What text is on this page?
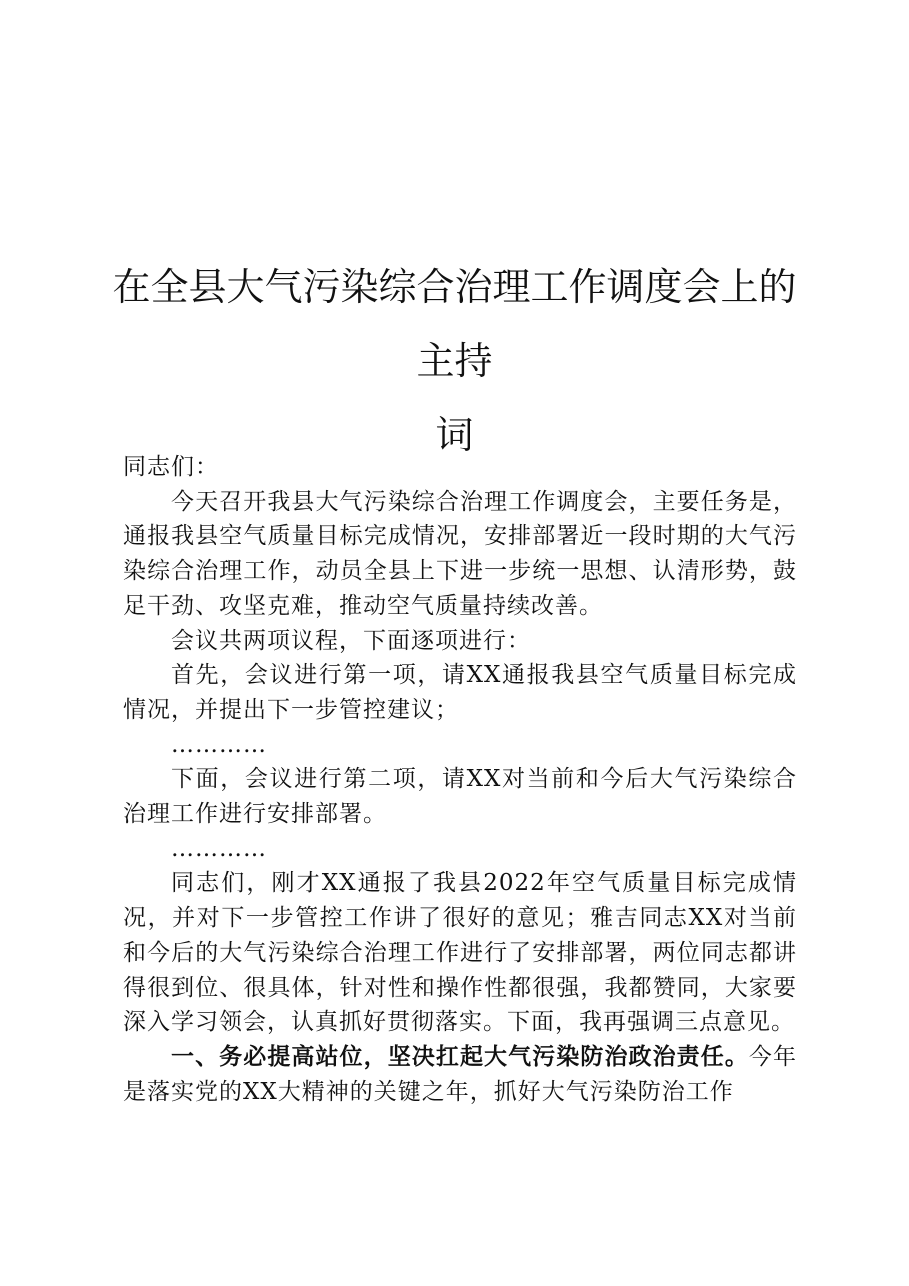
在全县大气污染综合治理工作调度会上的主持
词

同志们：

今天召开我县大气污染综合治理工作调度会，主要任务是，通报我县空气质量目标完成情况，安排部署近一段时期的大气污染综合治理工作，动员全县上下进一步统一思想、认清形势，鼓足干劲、攻坚克难，推动空气质量持续改善。

会议共两项议程，下面逐项进行：

首先，会议进行第一项，请XX通报我县空气质量目标完成情况，并提出下一步管控建议；

…………

下面，会议进行第二项，请XX对当前和今后大气污染综合治理工作进行安排部署。

…………

同志们，刚才XX通报了我县2022年空气质量目标完成情况，并对下一步管控工作讲了很好的意见；雅吉同志XX对当前和今后的大气污染综合治理工作进行了安排部署，两位同志都讲得很到位、很具体，针对性和操作性都很强，我都赞同，大家要深入学习领会，认真抓好贯彻落实。下面，我再强调三点意见。

一、务必提高站位，坚决扛起大气污染防治政治责任。今年是落实党的XX大精神的关键之年，抓好大气污染防治工作
